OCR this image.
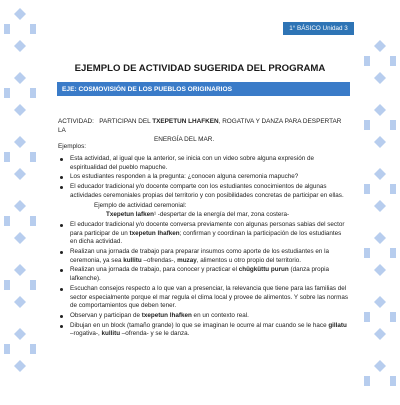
1° BÁSICO Unidad 3
EJEMPLO DE ACTIVIDAD SUGERIDA DEL PROGRAMA
EJE: COSMOVISIÓN DE LOS PUEBLOS ORIGINARIOS
ACTIVIDAD: PARTICIPAN DEL TXEPETUN LHAFKEN, ROGATIVA Y DANZA PARA DESPERTAR LA
ENERGÍA DEL MAR.
Ejemplos:
Esta actividad, al igual que la anterior, se inicia con un video sobre alguna expresión de espiritualidad del pueblo mapuche.
Los estudiantes responden a la pregunta: ¿conocen alguna ceremonia mapuche?
El educador tradicional y/o docente comparte con los estudiantes conocimientos de algunas actividades ceremoniales propias del territorio y con posibilidades concretas de participar en ellas.
Ejemplo de actividad ceremonial:
Txepetun lafken¹ -despertar de la energía del mar, zona costera-
El educador tradicional y/o docente conversa previamente con algunas personas sabias del sector para participar de un txepetun lhafken; confirman y coordinan la participación de los estudiantes en dicha actividad.
Realizan una jornada de trabajo para preparar insumos como aporte de los estudiantes en la ceremonia, ya sea kullitu –ofrendas-, muzay, alimentos u otro propio del territorio.
Realizan una jornada de trabajo, para conocer y practicar el chügküttu purun (danza propia lafkenche).
Escuchan consejos respecto a lo que van a presenciar, la relevancia que tiene para las familias del sector especialmente porque el mar regula el clima local y provee de alimentos. Y sobre las normas de comportamientos que deben tener.
Observan y participan de txepetun lhafken en un contexto real.
Dibujan en un block (tamaño grande) lo que se imaginan le ocurre al mar cuando se le hace gillatu –rogativa-, kullitu –ofrenda- y se le danza.
